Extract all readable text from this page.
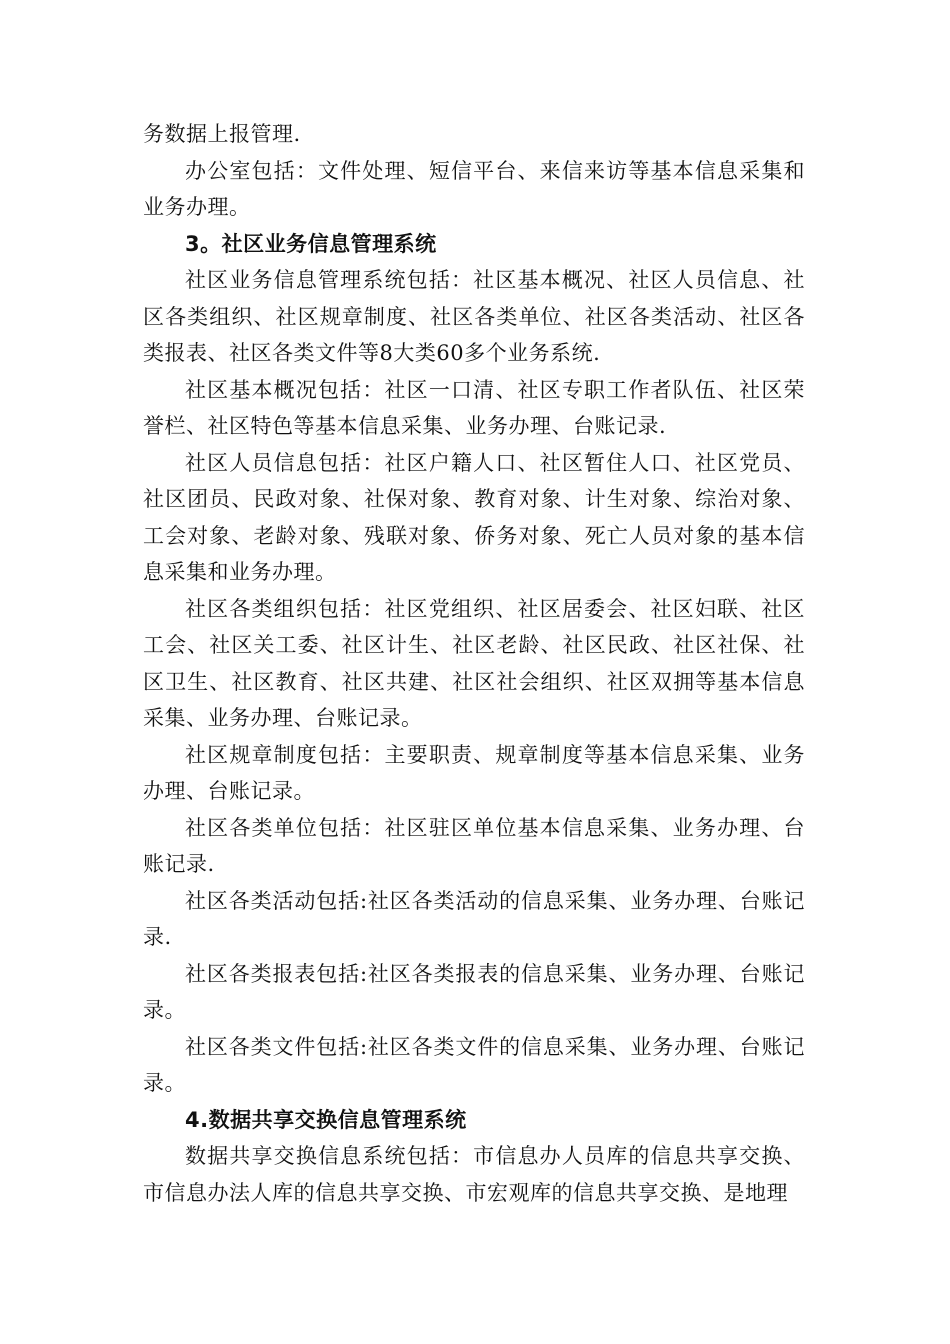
务数据上报管理.

办公室包括：文件处理、短信平台、来信来访等基本信息采集和业务办理。

3。社区业务信息管理系统

社区业务信息管理系统包括：社区基本概况、社区人员信息、社区各类组织、社区规章制度、社区各类单位、社区各类活动、社区各类报表、社区各类文件等8大类60多个业务系统.

社区基本概况包括：社区一口清、社区专职工作者队伍、社区荣誉栏、社区特色等基本信息采集、业务办理、台账记录.

社区人员信息包括：社区户籍人口、社区暂住人口、社区党员、社区团员、民政对象、社保对象、教育对象、计生对象、综治对象、工会对象、老龄对象、残联对象、侨务对象、死亡人员对象的基本信息采集和业务办理。

社区各类组织包括：社区党组织、社区居委会、社区妇联、社区工会、社区关工委、社区计生、社区老龄、社区民政、社区社保、社区卫生、社区教育、社区共建、社区社会组织、社区双拥等基本信息采集、业务办理、台账记录。

社区规章制度包括：主要职责、规章制度等基本信息采集、业务办理、台账记录。

社区各类单位包括：社区驻区单位基本信息采集、业务办理、台账记录.

社区各类活动包括:社区各类活动的信息采集、业务办理、台账记录.

社区各类报表包括:社区各类报表的信息采集、业务办理、台账记录。

社区各类文件包括:社区各类文件的信息采集、业务办理、台账记录。

4.数据共享交换信息管理系统

数据共享交换信息系统包括：市信息办人员库的信息共享交换、市信息办法人库的信息共享交换、市宏观库的信息共享交换、是地理
